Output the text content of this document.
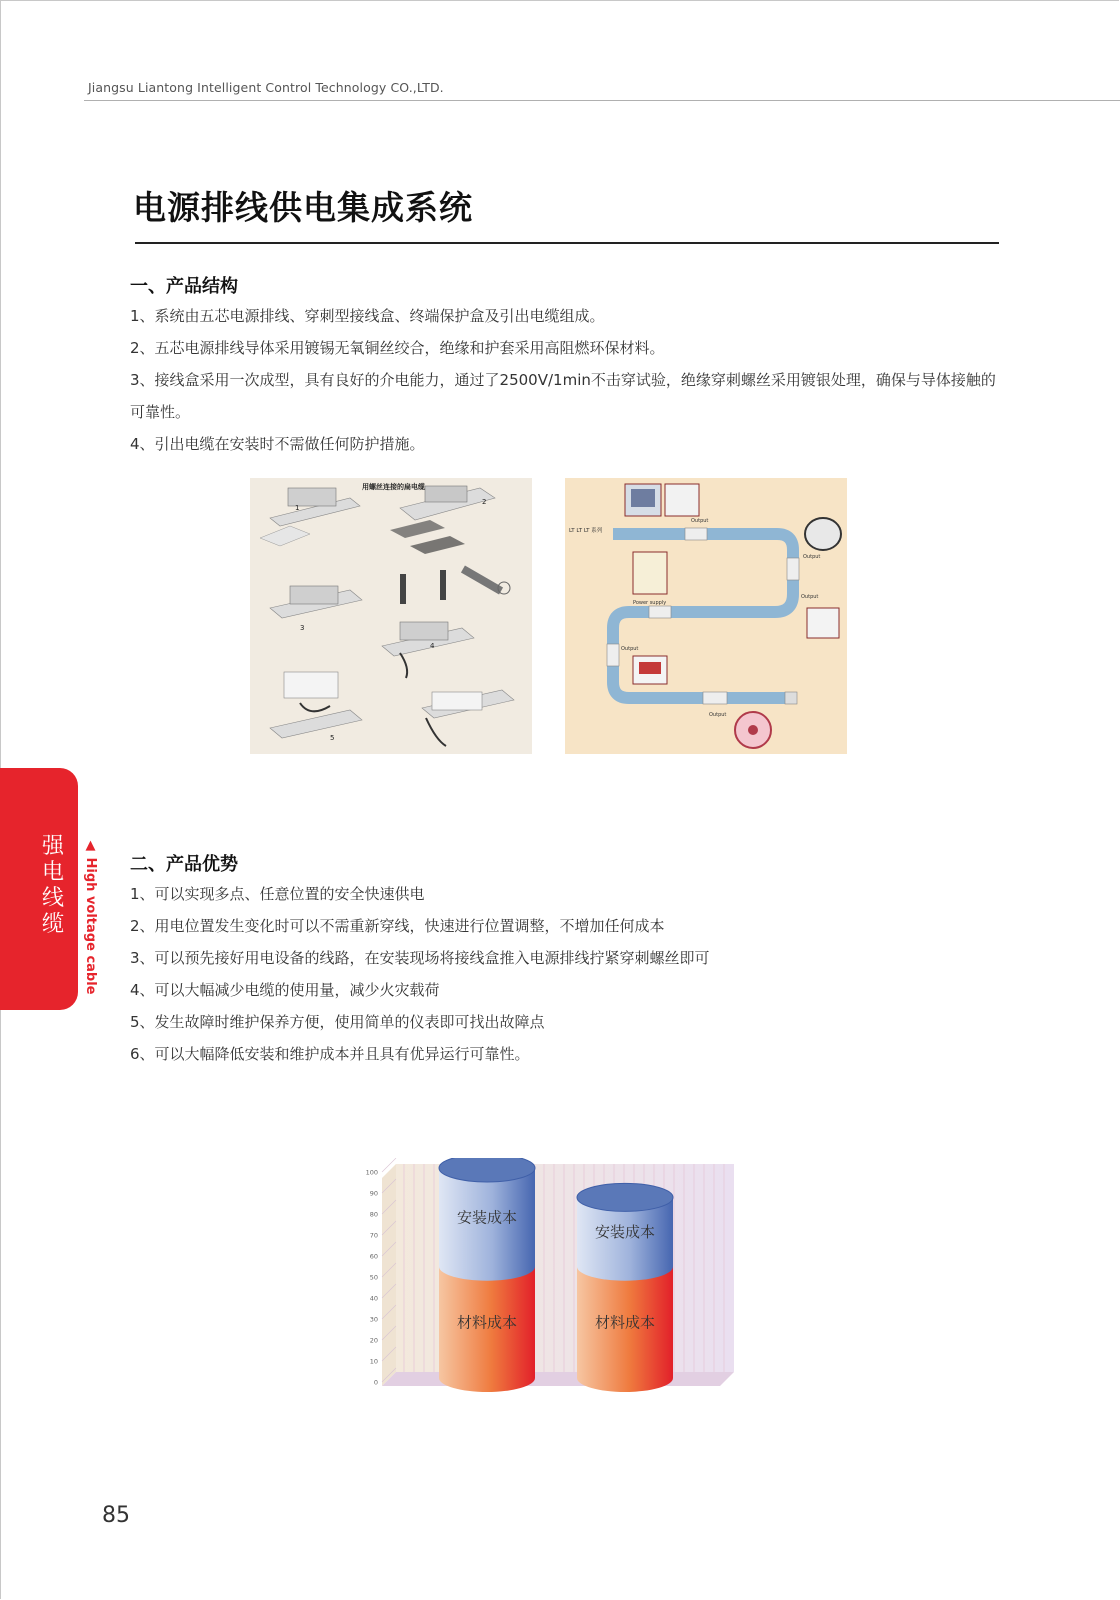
Jiangsu Liantong Intelligent Control Technology CO.,LTD.
电源排线供电集成系统
一、产品结构

1、系统由五芯电源排线、穿刺型接线盒、终端保护盒及引出电缆组成。

2、五芯电源排线导体采用镀锡无氧铜丝绞合，绝缘和护套采用高阻燃环保材料。

3、接线盒采用一次成型，具有良好的介电能力，通过了2500V/1min不击穿试验，绝缘穿刺螺丝采用镀银处理，确保与导体接触的可靠性。

4、引出电缆在安装时不需做任何防护措施。

用螺丝连接的扁电缆
1
2
3
4
5
LT LT LT 系列
Output
Output
Output
Power supply
Output
Output
强电线缆	▲ High voltage cable 二、产品优势

1、可以实现多点、任意位置的安全快速供电

2、用电位置发生变化时可以不需重新穿线，快速进行位置调整，不增加任何成本

3、可以预先接好用电设备的线路，在安装现场将接线盒推入电源排线拧紧穿刺螺丝即可

4、可以大幅减少电缆的使用量，减少火灾载荷

5、发生故障时维护保养方便，使用简单的仪表即可找出故障点

6、可以大幅降低安装和维护成本并且具有优异运行可靠性。

0
10
20
30
40
50
60
70
80
90
100
材料成本
安装成本
材料成本
安装成本
85
